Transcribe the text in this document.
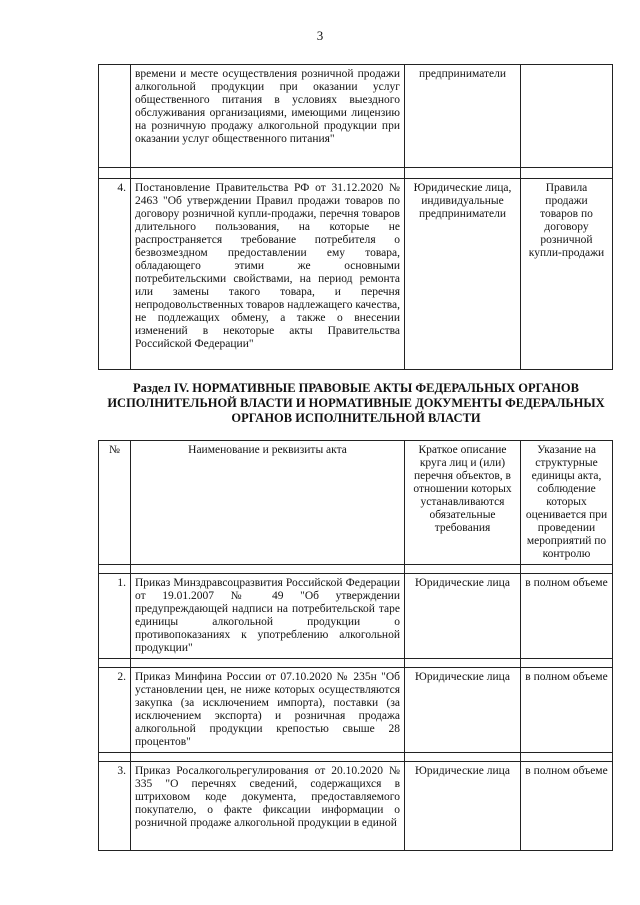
3
	времени и месте осуществления розничной продажи алкогольной продукции при оказании услуг общественного питания в условиях выездного обслуживания организациями, имеющими лицензию на розничную продажу алкогольной продукции при оказании услуг общественного питания"	предприниматели	

4.	Постановление Правительства РФ от 31.12.2020 № 2463 "Об утверждении Правил продажи товаров по договору розничной купли-продажи, перечня товаров длительного пользования, на которые не распространяется требование потребителя о безвозмездном предоставлении ему товара, обладающего этими же основными потребительскими свойствами, на период ремонта или замены такого товара, и перечня непродовольственных товаров надлежащего качества, не подлежащих обмену, а также о внесении изменений в некоторые акты Правительства Российской Федерации"	Юридические лица, индивидуальные предприниматели	Правила продажи товаров по договору розничной купли-продажи
Раздел IV. НОРМАТИВНЫЕ ПРАВОВЫЕ АКТЫ ФЕДЕРАЛЬНЫХ ОРГАНОВ ИСПОЛНИТЕЛЬНОЙ ВЛАСТИ И НОРМАТИВНЫЕ ДОКУМЕНТЫ ФЕДЕРАЛЬНЫХ ОРГАНОВ ИСПОЛНИТЕЛЬНОЙ ВЛАСТИ
№	Наименование и реквизиты акта	Краткое описание круга лиц и (или) перечня объектов, в отношении которых устанавливаются обязательные требования	Указание на структурные единицы акта, соблюдение которых оценивается при проведении мероприятий по контролю

1.	Приказ Минздравсоцразвития Российской Федерации от 19.01.2007 № 49 "Об утверждении предупреждающей надписи на потребительской таре единицы алкогольной продукции о противопоказаниях к употреблению алкогольной продукции"	Юридические лица	в полном объеме

2.	Приказ Минфина России от 07.10.2020 № 235н "Об установлении цен, не ниже которых осуществляются закупка (за исключением импорта), поставки (за исключением экспорта) и розничная продажа алкогольной продукции крепостью свыше 28 процентов"	Юридические лица	в полном объеме

3.	Приказ Росалкогольрегулирования от 20.10.2020 № 335 "О перечнях сведений, содержащихся в штриховом коде документа, предоставляемого покупателю, о факте фиксации информации о розничной продаже алкогольной продукции в единой	Юридические лица	в полном объеме
